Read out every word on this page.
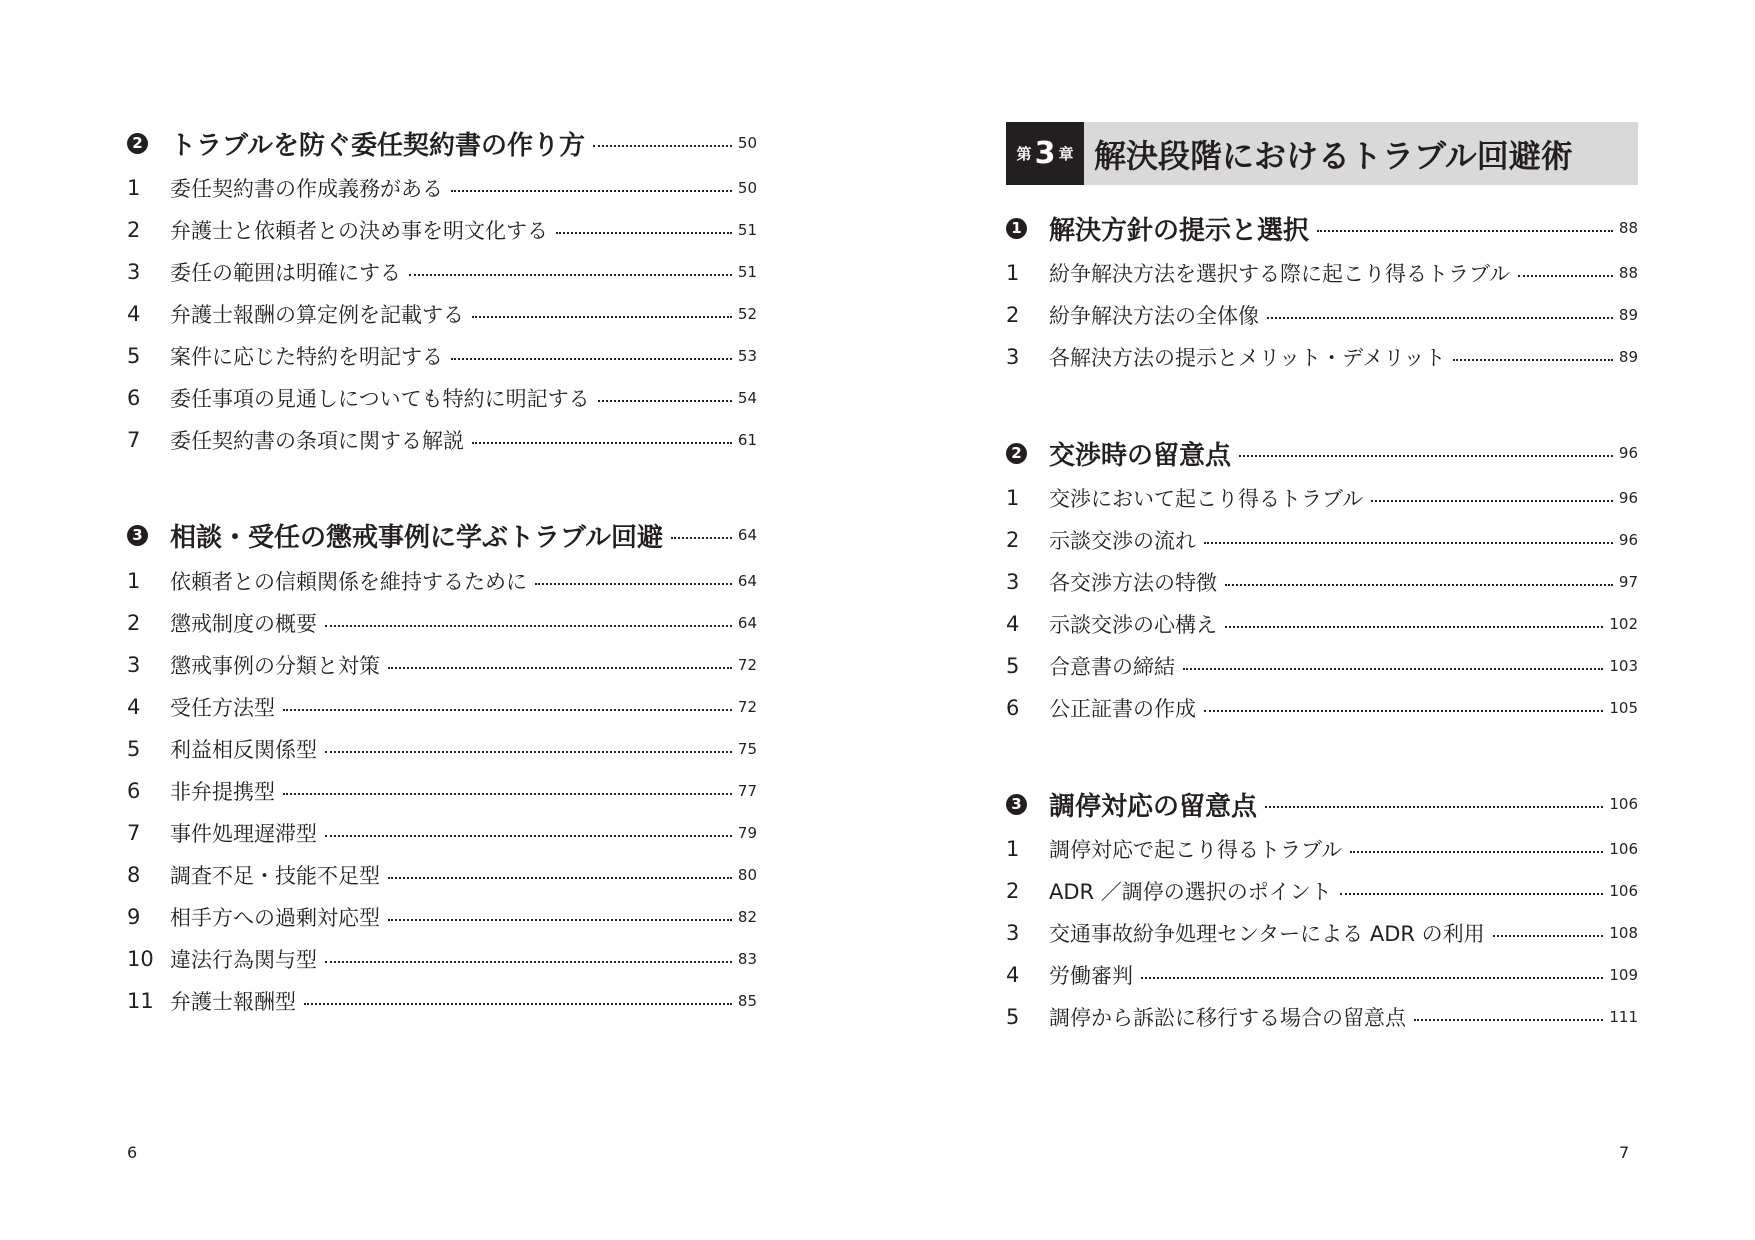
2 トラブルを防ぐ委任契約書の作り方	50
1	委任契約書の作成義務がある	50
2	弁護士と依頼者との決め事を明文化する	51
3	委任の範囲は明確にする	51
4	弁護士報酬の算定例を記載する	52
5	案件に応じた特約を明記する	53
6	委任事項の見通しについても特約に明記する	54
7	委任契約書の条項に関する解説	61
3 相談・受任の懲戒事例に学ぶトラブル回避	64
1	依頼者との信頼関係を維持するために	64
2	懲戒制度の概要	64
3	懲戒事例の分類と対策	72
4	受任方法型	72
5	利益相反関係型	75
6	非弁提携型	77
7	事件処理遅滞型	79
8	調査不足・技能不足型	80
9	相手方への過剰対応型	82
10 違法行為関与型	83
11 弁護士報酬型	85
第 3 章 解決段階におけるトラブル回避術
1 解決方針の提示と選択	88
1	紛争解決方法を選択する際に起こり得るトラブル	88
2	紛争解決方法の全体像	89
3	各解決方法の提示とメリット・デメリット	89
2 交渉時の留意点	96
1	交渉において起こり得るトラブル	96
2	示談交渉の流れ	96
3	各交渉方法の特徴	97
4	示談交渉の心構え	102
5	合意書の締結	103
6	公正証書の作成	105
3 調停対応の留意点	106
1	調停対応で起こり得るトラブル	106
2	ADR ／調停の選択のポイント	106
3	交通事故紛争処理センターによる ADR の利用	108
4	労働審判	109
5	調停から訴訟に移行する場合の留意点	111
6	7
